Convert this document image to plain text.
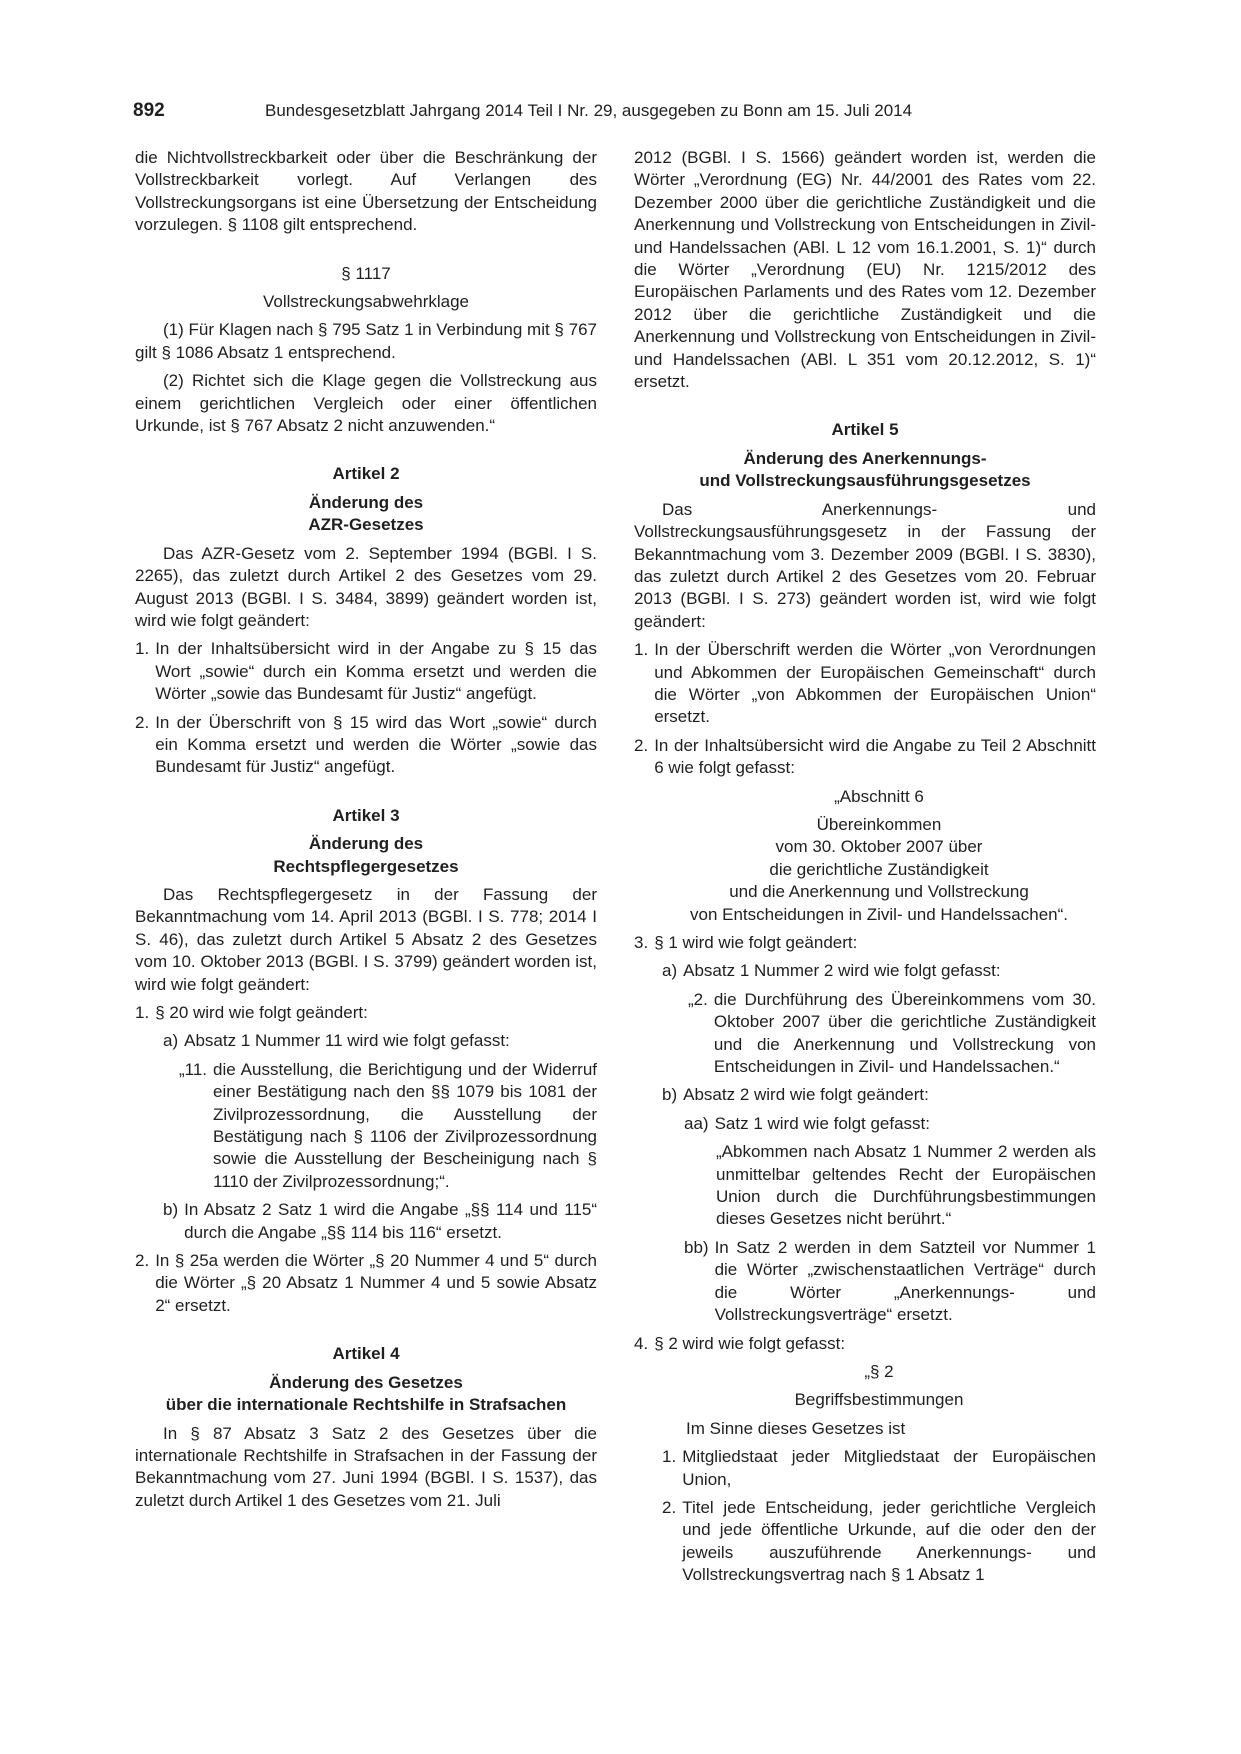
892	Bundesgesetzblatt Jahrgang 2014 Teil I Nr. 29, ausgegeben zu Bonn am 15. Juli 2014

die Nichtvollstreckbarkeit oder über die Beschränkung der Vollstreckbarkeit vorlegt. Auf Verlangen des Vollstreckungsorgans ist eine Übersetzung der Entscheidung vorzulegen. § 1108 gilt entsprechend.

§ 1117

Vollstreckungsabwehrklage

(1) Für Klagen nach § 795 Satz 1 in Verbindung mit § 767 gilt § 1086 Absatz 1 entsprechend.

(2) Richtet sich die Klage gegen die Vollstreckung aus einem gerichtlichen Vergleich oder einer öffentlichen Urkunde, ist § 767 Absatz 2 nicht anzuwenden.“

Artikel 2

Änderung des

AZR-Gesetzes

Das AZR-Gesetz vom 2. September 1994 (BGBl. I S. 2265), das zuletzt durch Artikel 2 des Gesetzes vom 29. August 2013 (BGBl. I S. 3484, 3899) geändert worden ist, wird wie folgt geändert:

1. In der Inhaltsübersicht wird in der Angabe zu § 15 das Wort „sowie“ durch ein Komma ersetzt und werden die Wörter „sowie das Bundesamt für Justiz“ angefügt.
2. In der Überschrift von § 15 wird das Wort „sowie“ durch ein Komma ersetzt und werden die Wörter „sowie das Bundesamt für Justiz“ angefügt.

Artikel 3

Änderung des

Rechtspflegergesetzes

Das Rechtspflegergesetz in der Fassung der Bekanntmachung vom 14. April 2013 (BGBl. I S. 778; 2014 I S. 46), das zuletzt durch Artikel 5 Absatz 2 des Gesetzes vom 10. Oktober 2013 (BGBl. I S. 3799) geändert worden ist, wird wie folgt geändert:

1. § 20 wird wie folgt geändert:
a) Absatz 1 Nummer 11 wird wie folgt gefasst:
„11. die Ausstellung, die Berichtigung und der Widerruf einer Bestätigung nach den §§ 1079 bis 1081 der Zivilprozessordnung, die Ausstellung der Bestätigung nach § 1106 der Zivilprozessordnung sowie die Ausstellung der Bescheinigung nach § 1110 der Zivilprozessordnung;“.
b) In Absatz 2 Satz 1 wird die Angabe „§§ 114 und 115“ durch die Angabe „§§ 114 bis 116“ ersetzt.
2. In § 25a werden die Wörter „§ 20 Nummer 4 und 5“ durch die Wörter „§ 20 Absatz 1 Nummer 4 und 5 sowie Absatz 2“ ersetzt.

Artikel 4

Änderung des Gesetzes

über die internationale Rechtshilfe in Strafsachen

In § 87 Absatz 3 Satz 2 des Gesetzes über die internationale Rechtshilfe in Strafsachen in der Fassung der Bekanntmachung vom 27. Juni 1994 (BGBl. I S. 1537), das zuletzt durch Artikel 1 des Gesetzes vom 21. Juli

2012 (BGBl. I S. 1566) geändert worden ist, werden die Wörter „Verordnung (EG) Nr. 44/2001 des Rates vom 22. Dezember 2000 über die gerichtliche Zuständigkeit und die Anerkennung und Vollstreckung von Entscheidungen in Zivil- und Handelssachen (ABl. L 12 vom 16.1.2001, S. 1)“ durch die Wörter „Verordnung (EU) Nr. 1215/2012 des Europäischen Parlaments und des Rates vom 12. Dezember 2012 über die gerichtliche Zuständigkeit und die Anerkennung und Vollstreckung von Entscheidungen in Zivil- und Handelssachen (ABl. L 351 vom 20.12.2012, S. 1)“ ersetzt.

Artikel 5

Änderung des Anerkennungs-

und Vollstreckungsausführungsgesetzes

Das Anerkennungs- und Vollstreckungsausführungsgesetz in der Fassung der Bekanntmachung vom 3. Dezember 2009 (BGBl. I S. 3830), das zuletzt durch Artikel 2 des Gesetzes vom 20. Februar 2013 (BGBl. I S. 273) geändert worden ist, wird wie folgt geändert:

1. In der Überschrift werden die Wörter „von Verordnungen und Abkommen der Europäischen Gemeinschaft“ durch die Wörter „von Abkommen der Europäischen Union“ ersetzt.
2. In der Inhaltsübersicht wird die Angabe zu Teil 2 Abschnitt 6 wie folgt gefasst:

„Abschnitt 6

Übereinkommen

vom 30. Oktober 2007 über

die gerichtliche Zuständigkeit

und die Anerkennung und Vollstreckung

von Entscheidungen in Zivil- und Handelssachen“.

3. § 1 wird wie folgt geändert:
a) Absatz 1 Nummer 2 wird wie folgt gefasst:
„2. die Durchführung des Übereinkommens vom 30. Oktober 2007 über die gerichtliche Zuständigkeit und die Anerkennung und Vollstreckung von Entscheidungen in Zivil- und Handelssachen.“
b) Absatz 2 wird wie folgt geändert:
aa) Satz 1 wird wie folgt gefasst:

„Abkommen nach Absatz 1 Nummer 2 werden als unmittelbar geltendes Recht der Europäischen Union durch die Durchführungsbestimmungen dieses Gesetzes nicht berührt.“

bb) In Satz 2 werden in dem Satzteil vor Nummer 1 die Wörter „zwischenstaatlichen Verträge“ durch die Wörter „Anerkennungs- und Vollstreckungsverträge“ ersetzt.
4. § 2 wird wie folgt gefasst:

„§ 2

Begriffsbestimmungen

Im Sinne dieses Gesetzes ist

1. Mitgliedstaat jeder Mitgliedstaat der Europäischen Union,
2. Titel jede Entscheidung, jeder gerichtliche Vergleich und jede öffentliche Urkunde, auf die oder den der jeweils auszuführende Anerkennungs- und Vollstreckungsvertrag nach § 1 Absatz 1
